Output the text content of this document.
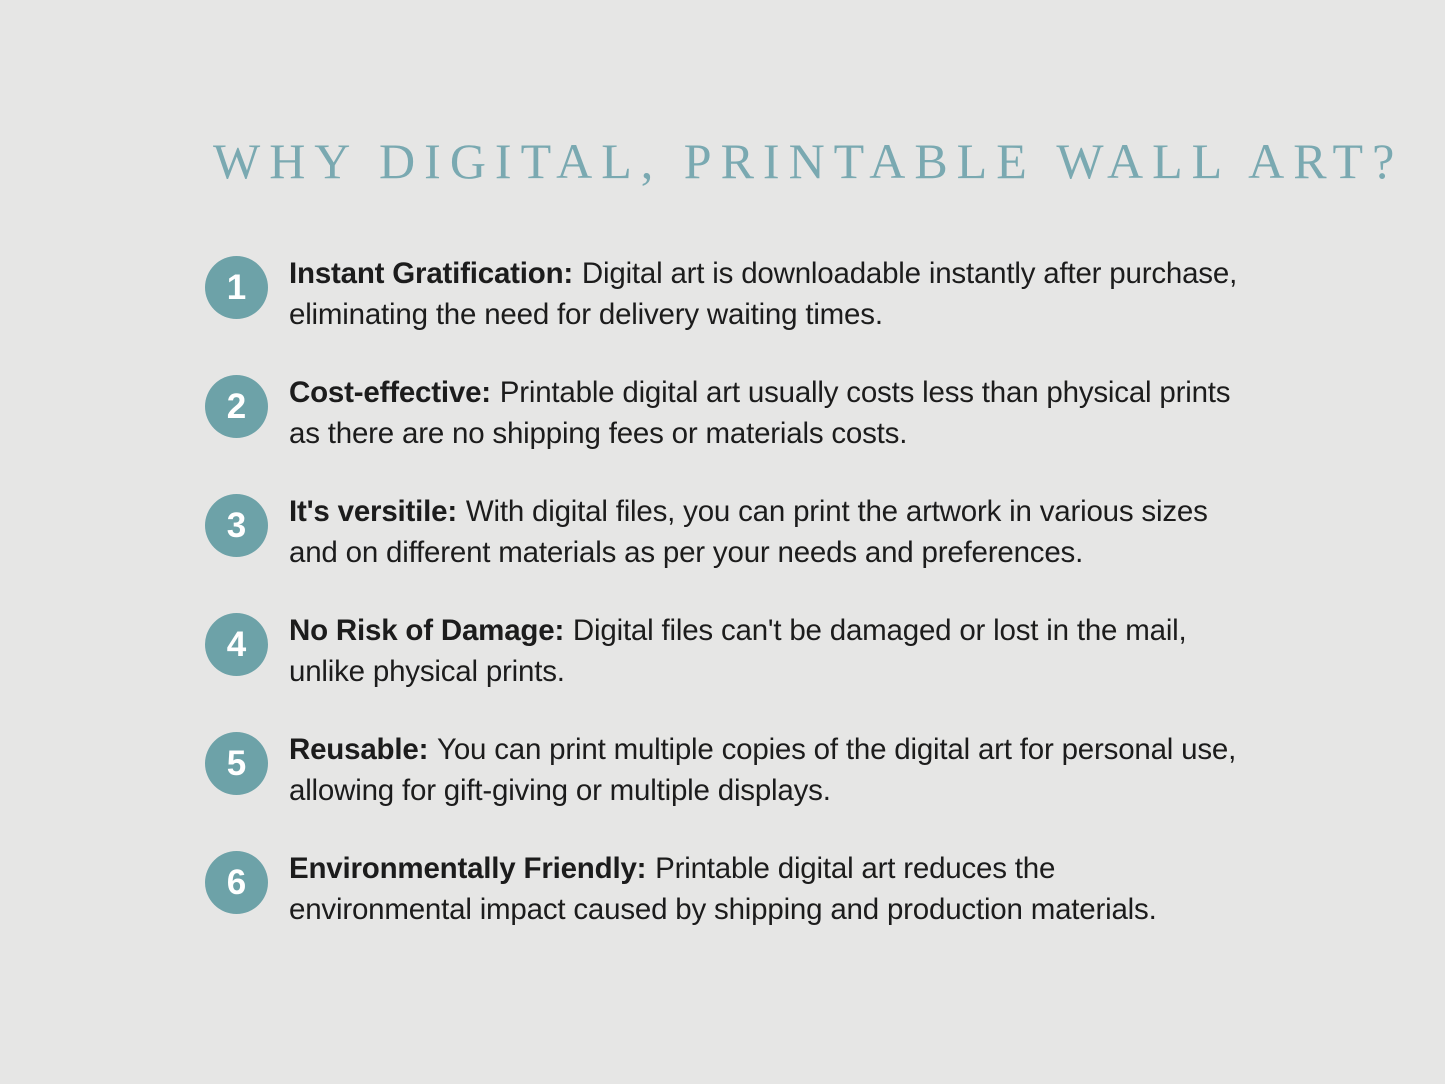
WHY DIGITAL, PRINTABLE WALL ART?
1	Instant Gratification: Digital art is downloadable instantly after purchase, eliminating the need for delivery waiting times.

2	Cost-effective: Printable digital art usually costs less than physical prints as there are no shipping fees or materials costs.

3	It's versitile: With digital files, you can print the artwork in various sizes and on different materials as per your needs and preferences.

4	No Risk of Damage: Digital files can't be damaged or lost in the mail, unlike physical prints.

5	Reusable: You can print multiple copies of the digital art for personal use, allowing for gift-giving or multiple displays.

6	Environmentally Friendly: Printable digital art reduces the environmental impact caused by shipping and production materials.
